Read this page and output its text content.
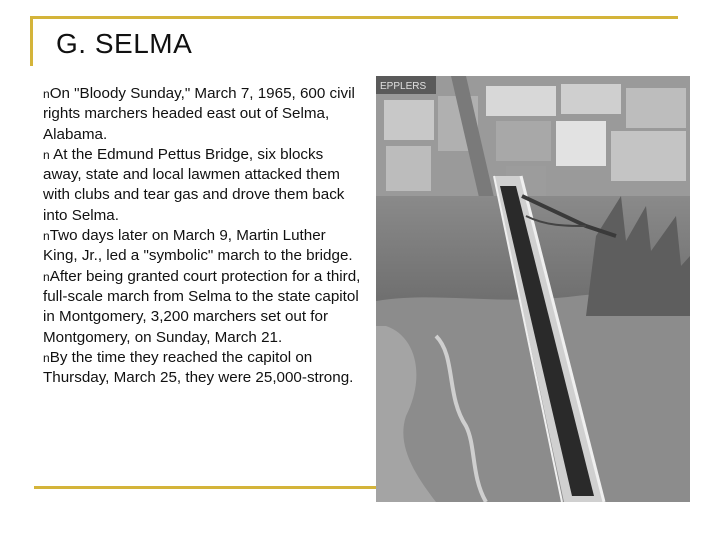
G. SELMA
nOn "Bloody Sunday," March 7, 1965, 600 civil rights marchers headed east out of Selma, Alabama.
n At the Edmund Pettus Bridge, six blocks away, state and local lawmen attacked them with clubs and tear gas and drove them back into Selma.
nTwo days later on March 9, Martin Luther King, Jr., led a "symbolic" march to the bridge.
nAfter being granted court protection for a third, full-scale march from Selma to the state capitol in Montgomery, 3,200 marchers set out for Montgomery, on Sunday, March 21.
nBy the time they reached the capitol on Thursday, March 25, they were 25,000-strong.
EPPLERS
